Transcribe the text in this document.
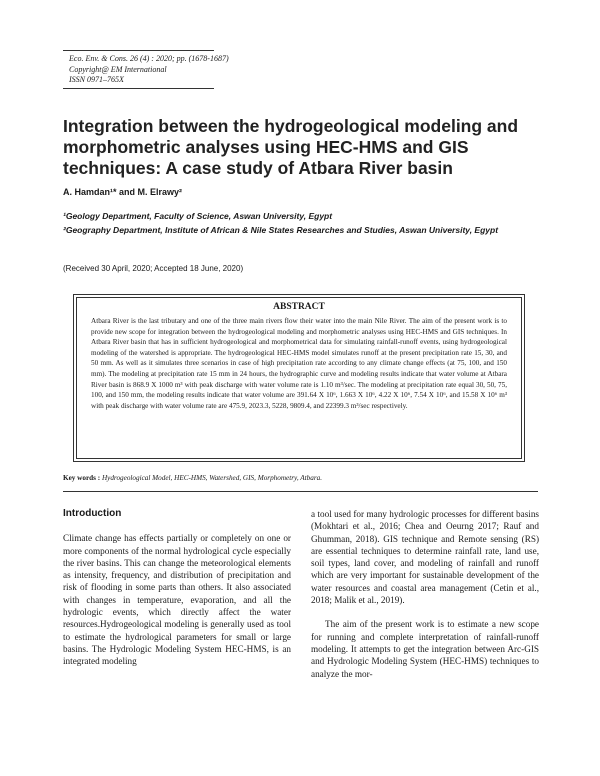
Eco. Env. & Cons. 26 (4) : 2020; pp. (1678-1687)
Copyright@ EM International
ISSN 0971–765X
Integration between the hydrogeological modeling and morphometric analyses using HEC-HMS and GIS techniques: A case study of Atbara River basin
A. Hamdan¹* and M. Elrawy²
¹Geology Department, Faculty of Science, Aswan University, Egypt
²Geography Department, Institute of African & Nile States Researches and Studies, Aswan University, Egypt
(Received 30 April, 2020; Accepted 18 June, 2020)
ABSTRACT
Atbara River is the last tributary and one of the three main rivers flow their water into the main Nile River. The aim of the present work is to provide new scope for integration between the hydrogeological modeling and morphometric analyses using HEC-HMS and GIS techniques. In Atbara River basin that has in sufficient hydrogeological and morphometrical data for simulating rainfall-runoff events, using hydrogeological modeling of the watershed is appropriate. The hydrogeological HEC-HMS model simulates runoff at the present precipitation rate 15, 30, and 50 mm. As well as it simulates three scenarios in case of high precipitation rate according to any climate change effects (at 75, 100, and 150 mm). The modeling at precipitation rate 15 mm in 24 hours, the hydrographic curve and modeling results indicate that water volume at Atbara River basin is 868.9 X 1000 m³ with peak discharge with water volume rate is 1.10 m³/sec. The modeling at precipitation rate equal 30, 50, 75, 100, and 150 mm, the modeling results indicate that water volume are 391.64 X 10⁶, 1.663 X 10⁶, 4.22 X 10⁶, 7.54 X 10⁶, and 15.58 X 10⁶ m³ with peak discharge with water volume rate are 475.9, 2023.3, 5228, 9809.4, and 22399.3 m³/sec respectively.
Key words : Hydrogeological Model, HEC-HMS, Watershed, GIS, Morphometry, Atbara.
Introduction

Climate change has effects partially or completely on one or more components of the normal hydrological cycle especially the river basins. This can change the meteorological elements as intensity, frequency, and distribution of precipitation and risk of flooding in some parts than others. It also associated with changes in temperature, evaporation, and all the hydrologic events, which directly affect the water resources.Hydrogeological modeling is generally used as tool to estimate the hydrological parameters for small or large basins. The Hydrologic Modeling System HEC-HMS, is an integrated modeling

a tool used for many hydrologic processes for different basins (Mokhtari et al., 2016; Chea and Oeurng 2017; Rauf and Ghumman, 2018). GIS technique and Remote sensing (RS) are essential techniques to determine rainfall rate, land use, soil types, land cover, and modeling of rainfall and runoff which are very important for sustainable development of the water resources and coastal area management (Cetin et al., 2018; Malik et al., 2019).

The aim of the present work is to estimate a new scope for running and complete interpretation of rainfall-runoff modeling. It attempts to get the integration between Arc-GIS and Hydrologic Modeling System (HEC-HMS) techniques to analyze the mor-
